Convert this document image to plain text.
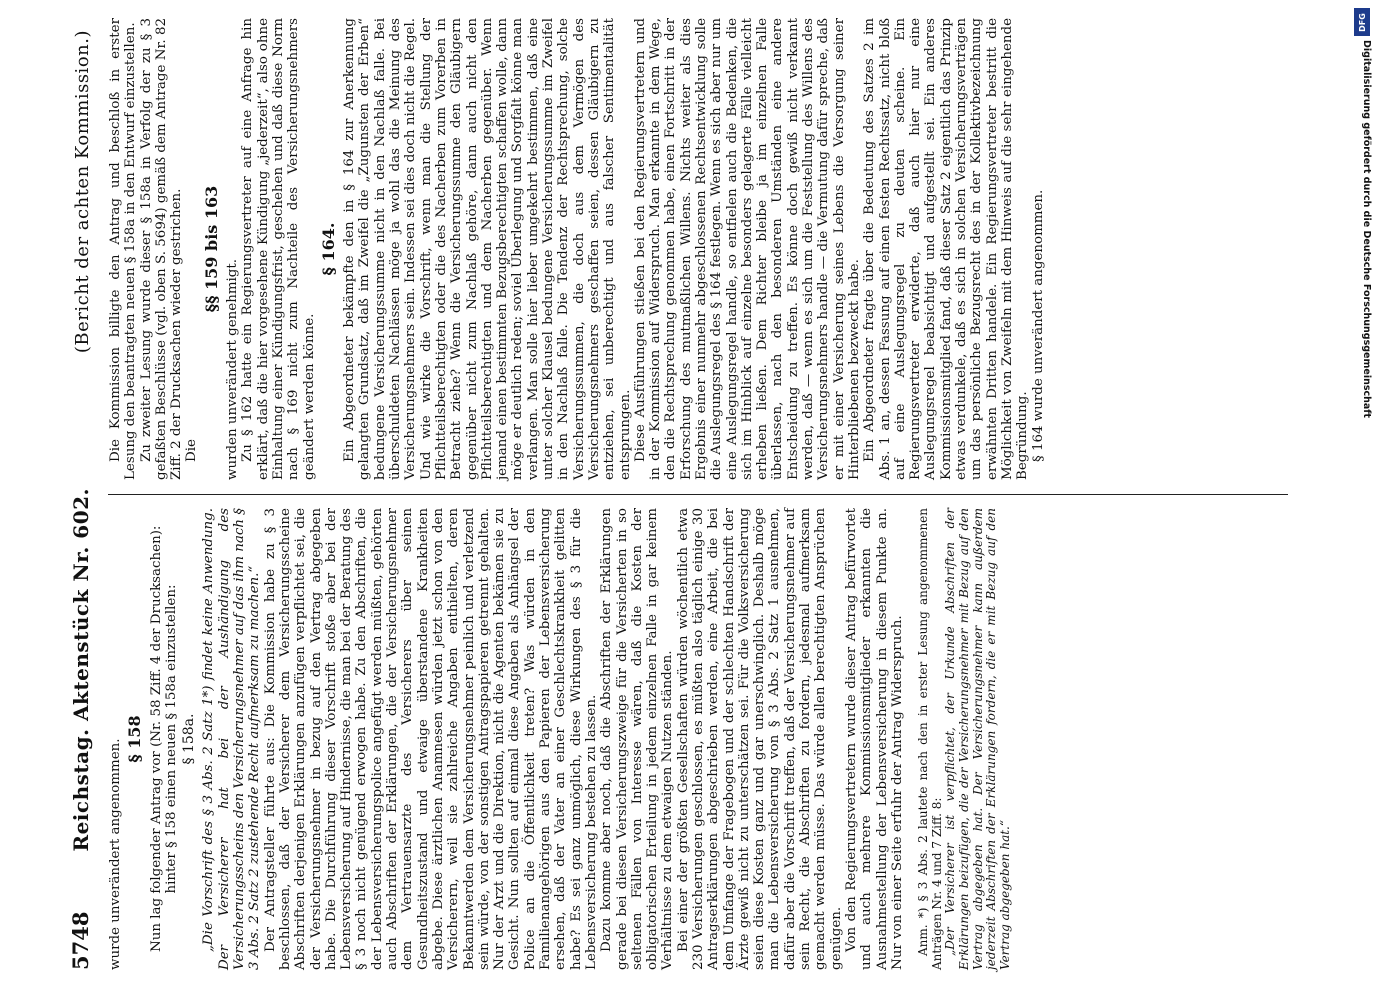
5748
Reichstag. Aktenstück Nr. 602.
(Bericht der achten Kommission.)

wurde unverändert angenommen. § 158 Nun lag folgender Antrag vor (Nr. 58 Ziff. 4 der Drucksachen): hinter § 158 einen neuen § 158a einzustellen: § 158a. „Die Vorschrift des § 3 Abs. 2 Satz 1*) findet keine Anwendung. Der Versicherer hat bei der Aushändigung des Versicherungsscheins den Versicherungsnehmer auf das ihm nach § 3 Abs. 2 Satz 2 zustehende Recht aufmerksam zu machen.“ Der Antragsteller führte aus: Die Kommission habe zu § 3 beschlossen, daß der Versicherer dem Versicherungsscheine Abschriften derjenigen Erklärungen anzufügen verpflichtet sei, die der Versicherungsnehmer in bezug auf den Vertrag abgegeben habe. Die Durchführung dieser Vorschrift stoße aber bei der Lebensversicherung auf Hindernisse, die man bei der Beratung des § 3 noch nicht genügend erwogen habe. Zu den Abschriften, die der Lebensversicherungspolice angefügt werden müßten, gehörten auch Abschriften der Erklärungen, die der Versicherungsnehmer dem Vertrauensarzte des Versicherers über seinen Gesundheitszustand und etwaige überstandene Krankheiten abgebe. Diese ärztlichen Anamnesen würden jetzt schon von den Versicherern, weil sie zahlreiche Angaben enthielten, deren Bekanntwerden dem Versicherungsnehmer peinlich und verletzend sein würde, von der sonstigen Antragspapieren getrennt gehalten. Nur der Arzt und die Direktion, nicht die Agenten bekämen sie zu Gesicht. Nun sollten auf einmal diese Angaben als Anhängsel der Police an die Öffentlichkeit treten? Was würden in den Familienangehörigen aus den Papieren der Lebensversicherung ersehen, daß der Vater an einer Geschlechtskrankheit gelitten habe? Es sei ganz unmöglich, diese Wirkungen des § 3 für die Lebensversicherung bestehen zu lassen. Dazu komme aber noch, daß die Abschriften der Erklärungen gerade bei diesen Versicherungszweige für die Versicherten in so seltenen Fällen von Interesse wären, daß die Kosten der obligatorischen Erteilung in jedem einzelnen Falle in gar keinem Verhältnisse zu dem etwaigen Nutzen ständen. Bei einer der größten Gesellschaften würden wöchentlich etwa 230 Versicherungen geschlossen, es müßten also täglich einige 30 Antragserklärungen abgeschrieben werden, eine Arbeit, die bei dem Umfange der Fragebogen und der schlechten Handschrift der Ärzte gewiß nicht zu unterschätzen sei. Für die Volksversicherung seien diese Kosten ganz und gar unerschwinglich. Deshalb möge man die Lebensversicherung von § 3 Abs. 2 Satz 1 ausnehmen, dafür aber die Vorschrift treffen, daß der Versicherungsnehmer auf sein Recht, die Abschriften zu fordern, jedesmal aufmerksam gemacht werden müsse. Das würde allen berechtigten Ansprüchen genügen. Von den Regierungsvertretern wurde dieser Antrag befürwortet und auch mehrere Kommissionsmitglieder erkannten die Ausnahmestellung der Lebensversicherung in diesem Punkte an. Nur von einer Seite erfuhr der Antrag Widerspruch. Anm. *) § 3 Abs. 2 lautete nach den in erster Lesung angenommenen Anträgen Nr. 4 und 7 Ziff. 8: „Der Versicherer ist verpflichtet, der Urkunde Abschriften der Erklärungen beizufügen, die der Versicherungsnehmer mit Bezug auf den Vertrag abgegeben hat. Der Versicherungsnehmer kann außerdem jederzeit Abschriften der Erklärungen fordern, die er mit Bezug auf den Vertrag abgegeben hat.“

Die Kommission billigte den Antrag und beschloß in erster Lesung den beantragten neuen § 158a in den Entwurf einzustellen. Zu zweiter Lesung wurde dieser § 158a in Verfolg der zu § 3 gefaßten Beschlüsse (vgl. oben S. 5694) gemäß dem Antrage Nr. 82 Ziff. 2 der Drucksachen wieder gestrichen. Die

§§ 159 bis 163

wurden unverändert genehmigt. Zu § 162 hatte ein Regierungsvertreter auf eine Anfrage hin erklärt, daß die hier vorgesehene Kündigung „jederzeit“, also ohne Einhaltung einer Kündigungsfrist, geschehen und daß diese Norm nach § 169 nicht zum Nachteile des Versicherungsnehmers geändert werden könne.

§ 164. Ein Abgeordneter bekämpfte den in § 164 zur Anerkennung gelangten Grundsatz, daß im Zweifel die „Zugunsten der Erben“ bedungene Versicherungssumme nicht in den Nachlaß falle. Bei überschuldeten Nachlässen möge ja wohl das die Meinung des Versicherungsnehmers sein. Indessen sei dies doch nicht die Regel. Und wie wirke die Vorschrift, wenn man die Stellung der Pflichtteilsberechtigten oder die des Nacherben zum Vorerben in Betracht ziehe? Wenn die Versicherungssumme den Gläubigern gegenüber nicht zum Nachlaß gehöre, dann auch nicht den Pflichtteilsberechtigten und dem Nacherben gegenüber. Wenn jemand einen bestimmten Bezugsberechtigten schaffen wolle, dann möge er deutlich reden; soviel Überlegung und Sorgfalt könne man verlangen. Man solle hier lieber umgekehrt bestimmen, daß eine unter solcher Klausel bedungene Versicherungssumme im Zweifel in den Nachlaß falle. Die Tendenz der Rechtsprechung, solche Versicherungssummen, die doch aus dem Vermögen des Versicherungsnehmers geschaffen seien, dessen Gläubigern zu entziehen, sei unberechtigt und aus falscher Sentimentalität entsprungen. Diese Ausführungen stießen bei den Regierungsvertretern und in der Kommission auf Widerspruch. Man erkannte in dem Wege, den die Rechtsprechung genommen habe, einen Fortschritt in der Erforschung des mutmaßlichen Willens. Nichts weiter als dies Ergebnis einer nunmehr abgeschlossenen Rechtsentwicklung solle die Auslegungsregel des § 164 festlegen. Wenn es sich aber nur um eine Auslegungsregel handle, so entfielen auch die Bedenken, die sich im Hinblick auf einzelne besonders gelagerte Fälle vielleicht erheben ließen. Dem Richter bleibe ja im einzelnen Falle überlassen, nach den besonderen Umständen eine andere Entscheidung zu treffen. Es könne doch gewiß nicht verkannt werden, daß — wenn es sich um die Feststellung des Willens des Versicherungsnehmers handle — die Vermutung dafür spreche, daß er mit einer Versicherung seines Lebens die Versorgung seiner Hinterbliebenen bezweckt habe. Ein Abgeordneter fragte über die Bedeutung des Satzes 2 im Abs. 1 an, dessen Fassung auf einen festen Rechtssatz, nicht bloß auf eine Auslegungsregel zu deuten scheine. Ein Regierungsvertreter erwiderte, daß auch hier nur eine Auslegungsregel beabsichtigt und aufgestellt sei. Ein anderes Kommissionsmitglied fand, daß dieser Satz 2 eigentlich das Prinzip etwas verdunkele, daß es sich in solchen Versicherungsverträgen um das persönliche Bezugsrecht des in der Kollektivbezeichnung erwähnten Dritten handele. Ein Regierungsvertreter bestritt die Möglichkeit von Zweifeln mit dem Hinweis auf die sehr eingehende Begründung. § 164 wurde unverändert angenommen.

DFG
Digitalisierung gefördert durch die Deutsche Forschungsgemeinschaft
